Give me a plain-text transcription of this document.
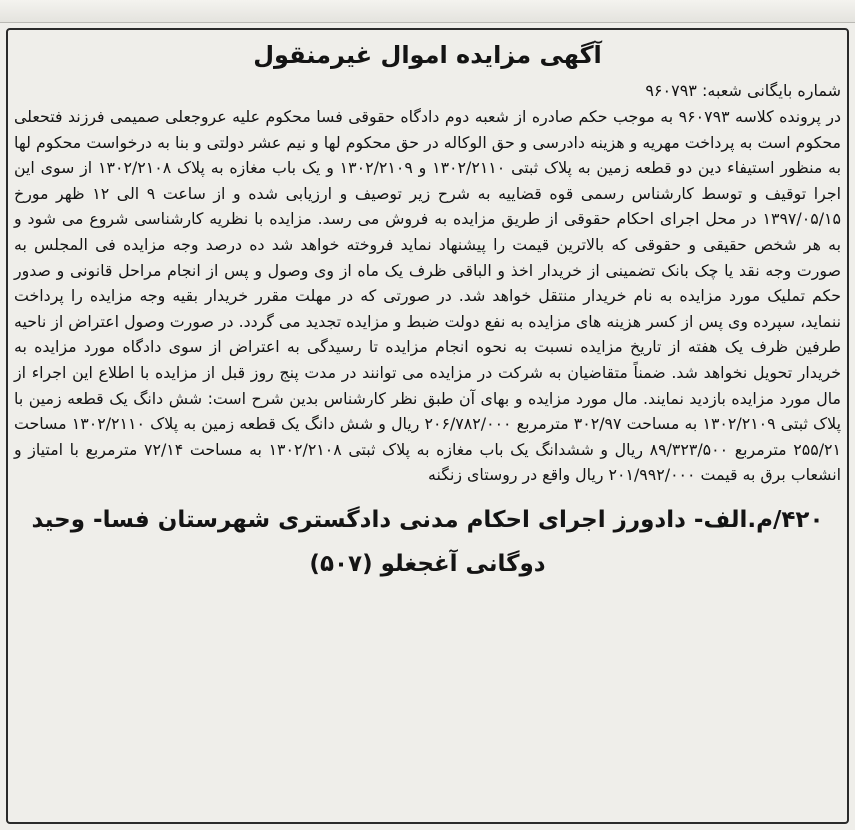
آگهی مزایده اموال غیرمنقول

شماره بایگانی شعبه: ۹۶۰۷۹۳

در پرونده کلاسه ۹۶۰۷۹۳ به موجب حکم صادره از شعبه دوم دادگاه حقوقی فسا محکوم علیه عروجعلی صمیمی فرزند فتحعلی محکوم است به پرداخت مهریه و هزینه دادرسی و حق الوکاله در حق محکوم لها و نیم عشر دولتی و بنا به درخواست محکوم لها به منظور استیفاء دین دو قطعه زمین به پلاک ثبتی ۱۳۰۲/۲۱۱۰ و ۱۳۰۲/۲۱۰۹ و یک باب مغازه به پلاک ۱۳۰۲/۲۱۰۸ از سوی این اجرا توقیف و توسط کارشناس رسمی قوه قضاییه به شرح زیر توصیف و ارزیابی شده و از ساعت ۹ الی ۱۲ ظهر مورخ ۱۳۹۷/۰۵/۱۵ در محل اجرای احکام حقوقی از طریق مزایده به فروش می رسد. مزایده با نظریه کارشناسی شروع می شود و به هر شخص حقیقی و حقوقی که بالاترین قیمت را پیشنهاد نماید فروخته خواهد شد ده درصد وجه مزایده فی المجلس به صورت وجه نقد یا چک بانک تضمینی از خریدار اخذ و الباقی ظرف یک ماه از وی وصول و پس از انجام مراحل قانونی و صدور حکم تملیک مورد مزایده به نام خریدار منتقل خواهد شد. در صورتی که در مهلت مقرر خریدار بقیه وجه مزایده را پرداخت ننماید، سپرده وی پس از کسر هزینه های مزایده به نفع دولت ضبط و مزایده تجدید می گردد. در صورت وصول اعتراض از ناحیه طرفین ظرف یک هفته از تاریخ مزایده نسبت به نحوه انجام مزایده تا رسیدگی به اعتراض از سوی دادگاه مورد مزایده به خریدار تحویل نخواهد شد. ضمناً متقاضیان به شرکت در مزایده می توانند در مدت پنج روز قبل از مزایده با اطلاع این اجراء از مال مورد مزایده بازدید نمایند. مال مورد مزایده و بهای آن طبق نظر کارشناس بدین شرح است: شش دانگ یک قطعه زمین با پلاک ثبتی ۱۳۰۲/۲۱۰۹ به مساحت ۳۰۲/۹۷ مترمربع ۲۰۶/۷۸۲/۰۰۰ ریال و شش دانگ یک قطعه زمین به پلاک ۱۳۰۲/۲۱۱۰ مساحت ۲۵۵/۲۱ مترمربع ۸۹/۳۲۳/۵۰۰ ریال و ششدانگ یک باب مغازه به پلاک ثبتی ۱۳۰۲/۲۱۰۸ به مساحت ۷۲/۱۴ مترمربع با امتیاز و انشعاب برق به قیمت ۲۰۱/۹۹۲/۰۰۰ ریال واقع در روستای زنگنه

۴۲۰/م.الف- دادورز اجرای احکام مدنی دادگستری شهرستان فسا- وحید دوگانی آغجغلو (۵۰۷)
